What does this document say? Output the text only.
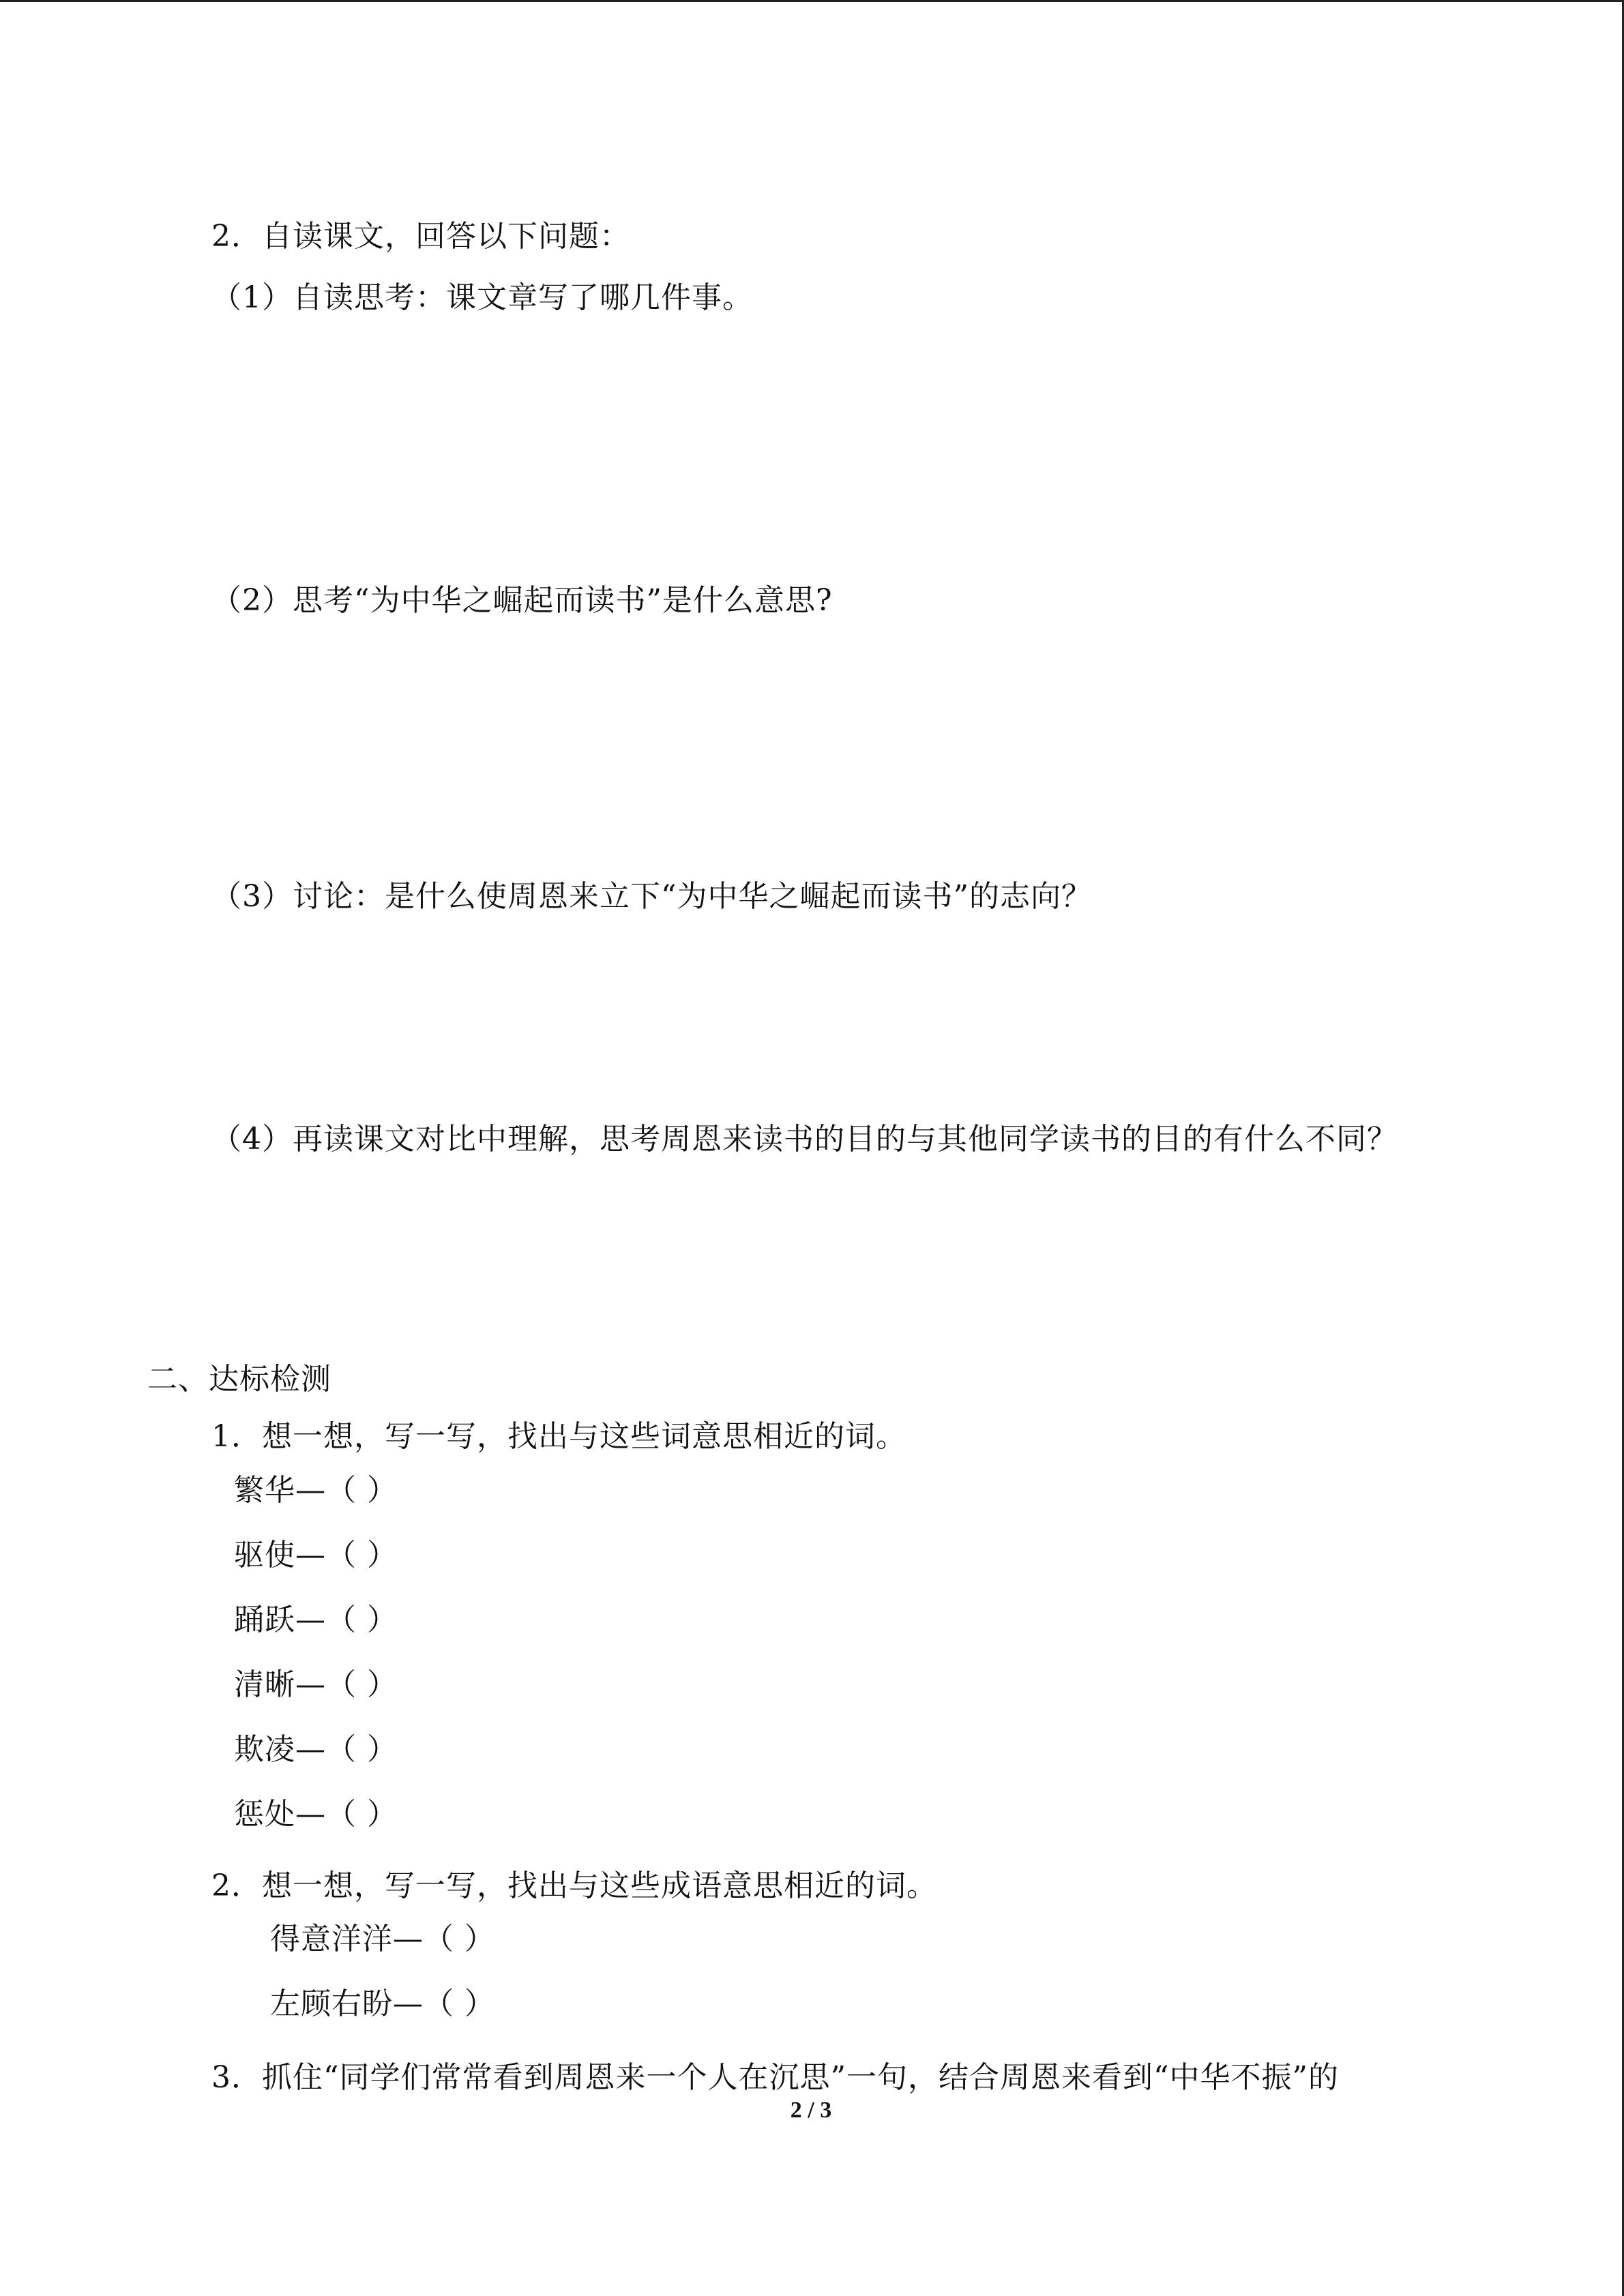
2．自读课文，回答以下问题：
（1）自读思考：课文章写了哪几件事。
（2）思考“为中华之崛起而读书”是什么意思?
（3）讨论：是什么使周恩来立下“为中华之崛起而读书”的志向？
（4）再读课文对比中理解，思考周恩来读书的目的与其他同学读书的目的有什么不同？
二、达标检测
1．想一想，写一写，找出与这些词意思相近的词。
繁华—（ ）
驱使—（ ）
踊跃—（ ）
清晰—（ ）
欺凌—（ ）
惩处—（ ）
2．想一想，写一写，找出与这些成语意思相近的词。
得意洋洋—（ ）
左顾右盼—（ ）
3．抓住“同学们常常看到周恩来一个人在沉思”一句，结合周恩来看到“中华不振”的
2 / 3
